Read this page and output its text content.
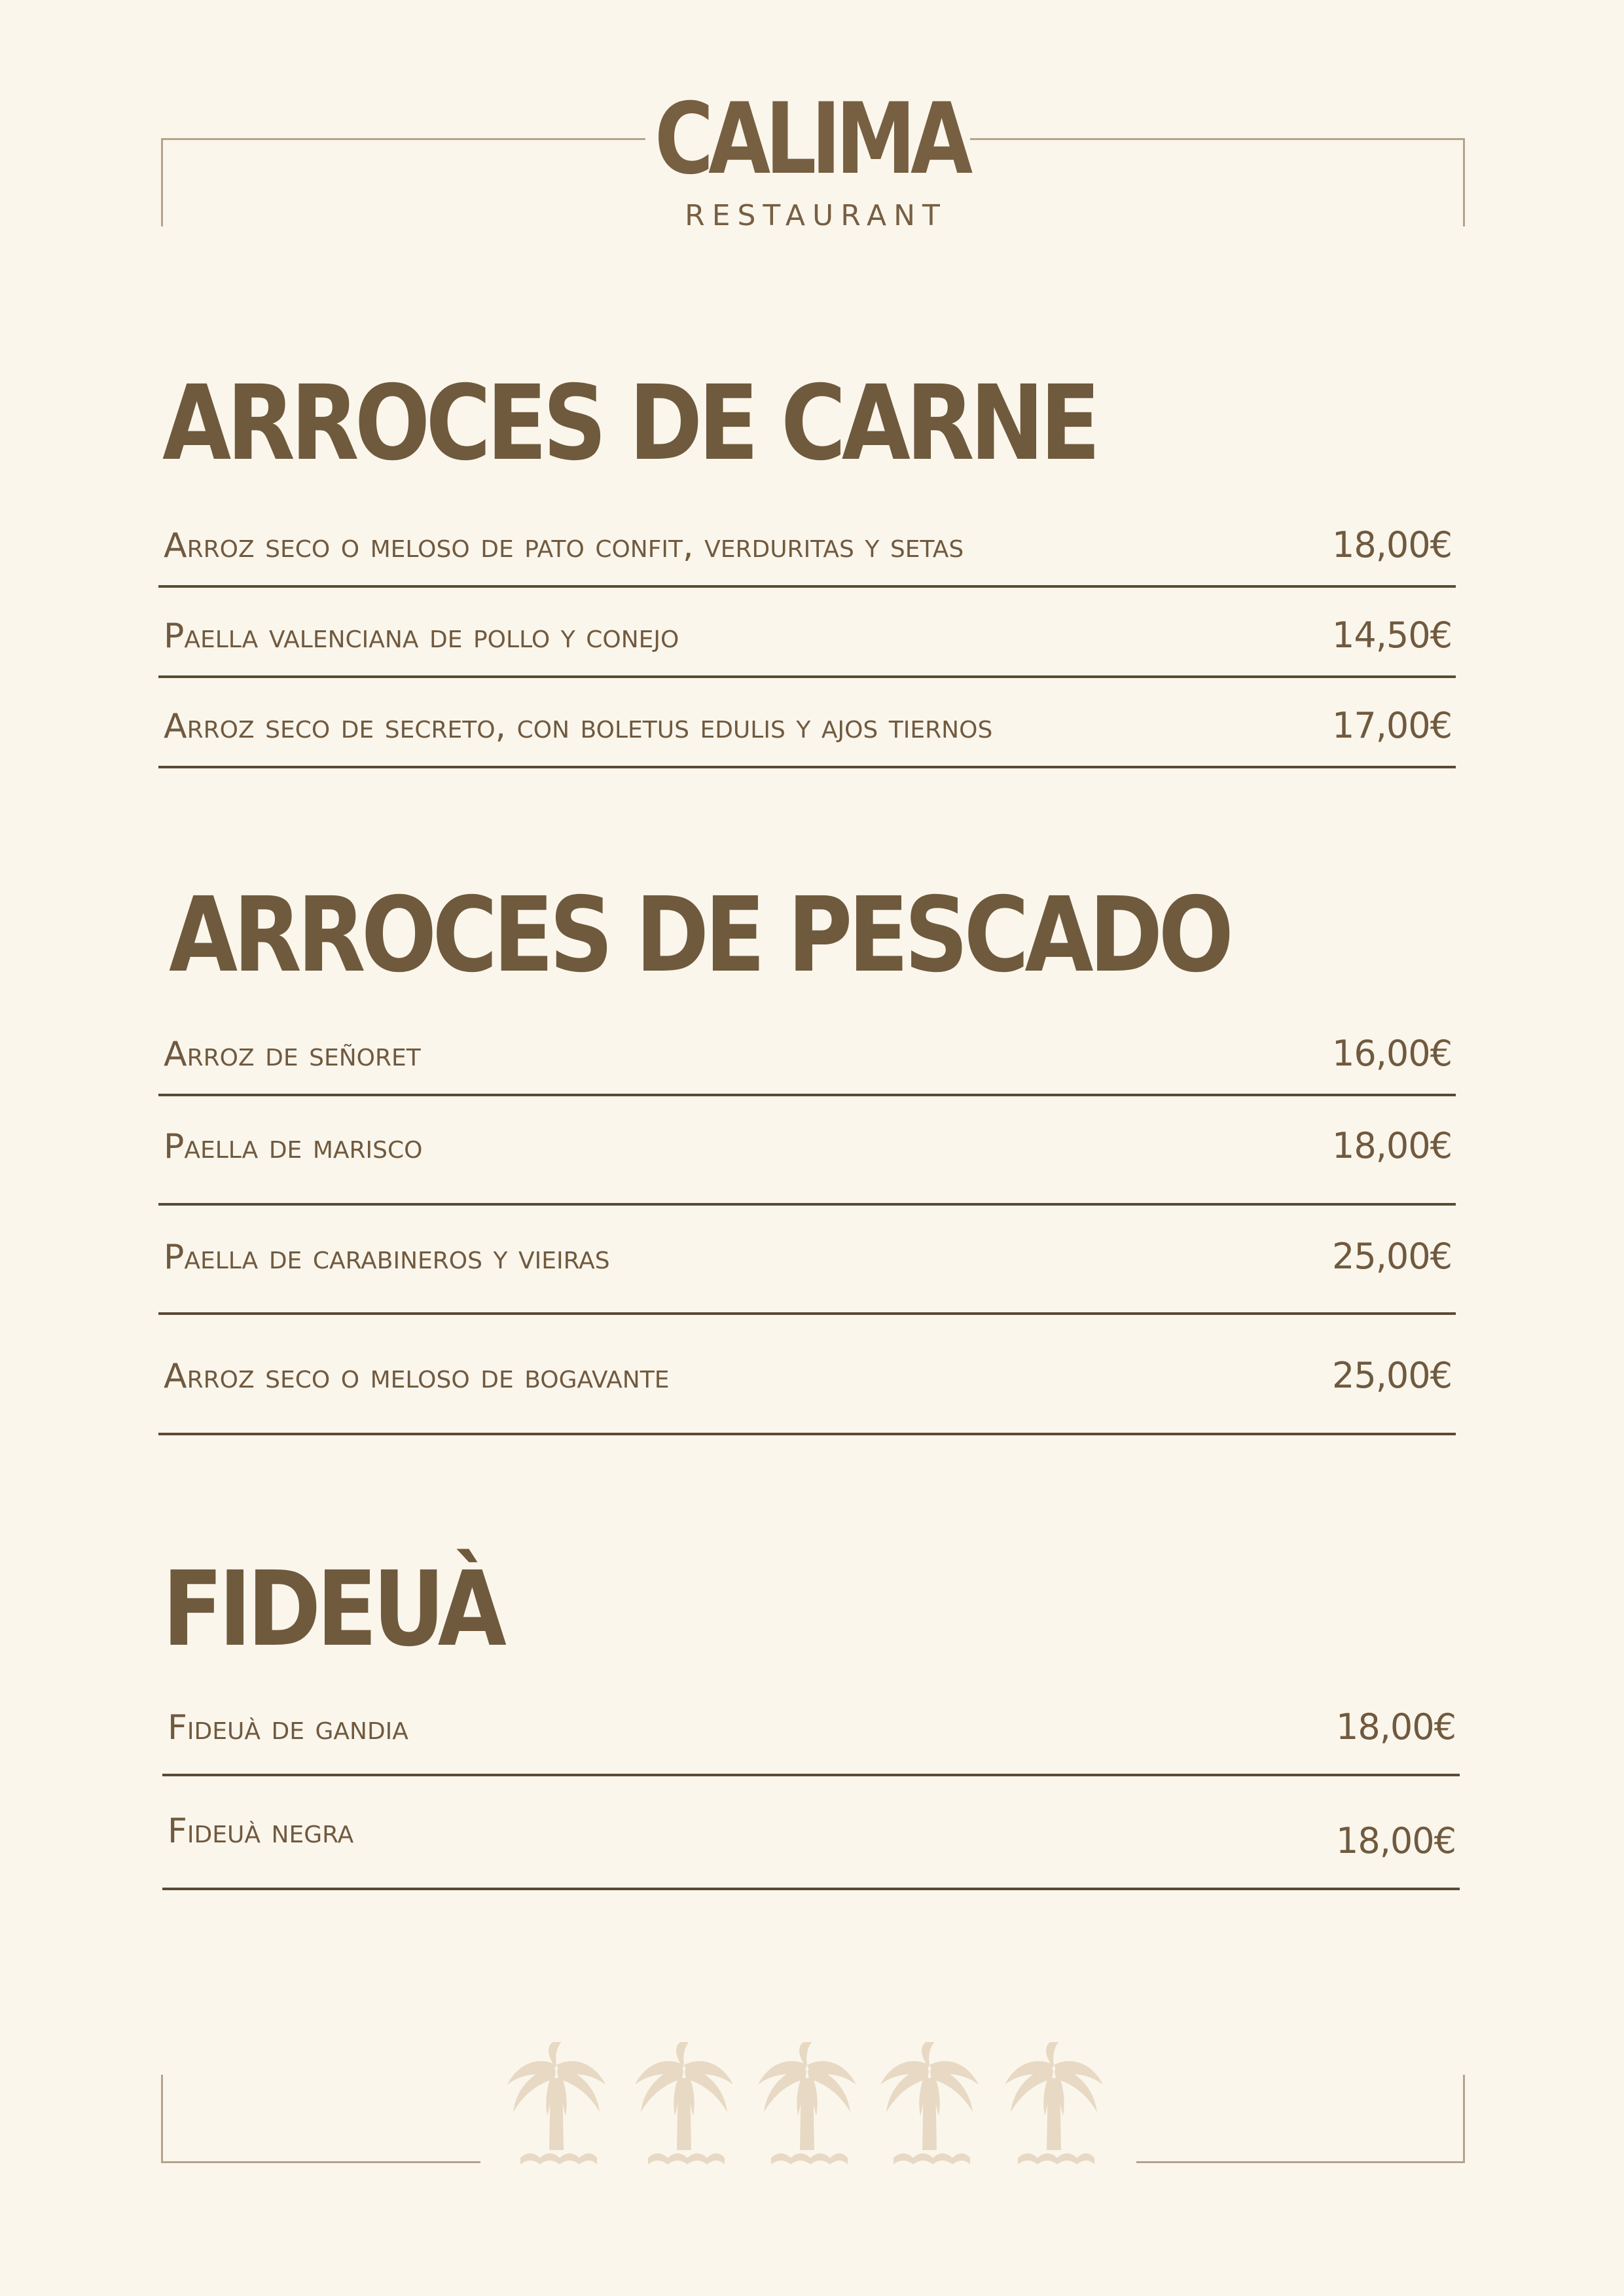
CALIMA
RESTAURANT
ARROCES DE CARNE
Arroz seco o meloso de pato confit, verduritas y setas	18,00€
Paella valenciana de pollo y conejo	14,50€
Arroz seco de secreto, con boletus edulis y ajos tiernos	17,00€
ARROCES DE PESCADO
Arroz de señoret	16,00€
Paella de marisco	18,00€
Paella de carabineros y vieiras	25,00€
Arroz seco o meloso de bogavante	25,00€
FIDEUÀ
Fideuà de gandia	18,00€
Fideuà negra	18,00€
